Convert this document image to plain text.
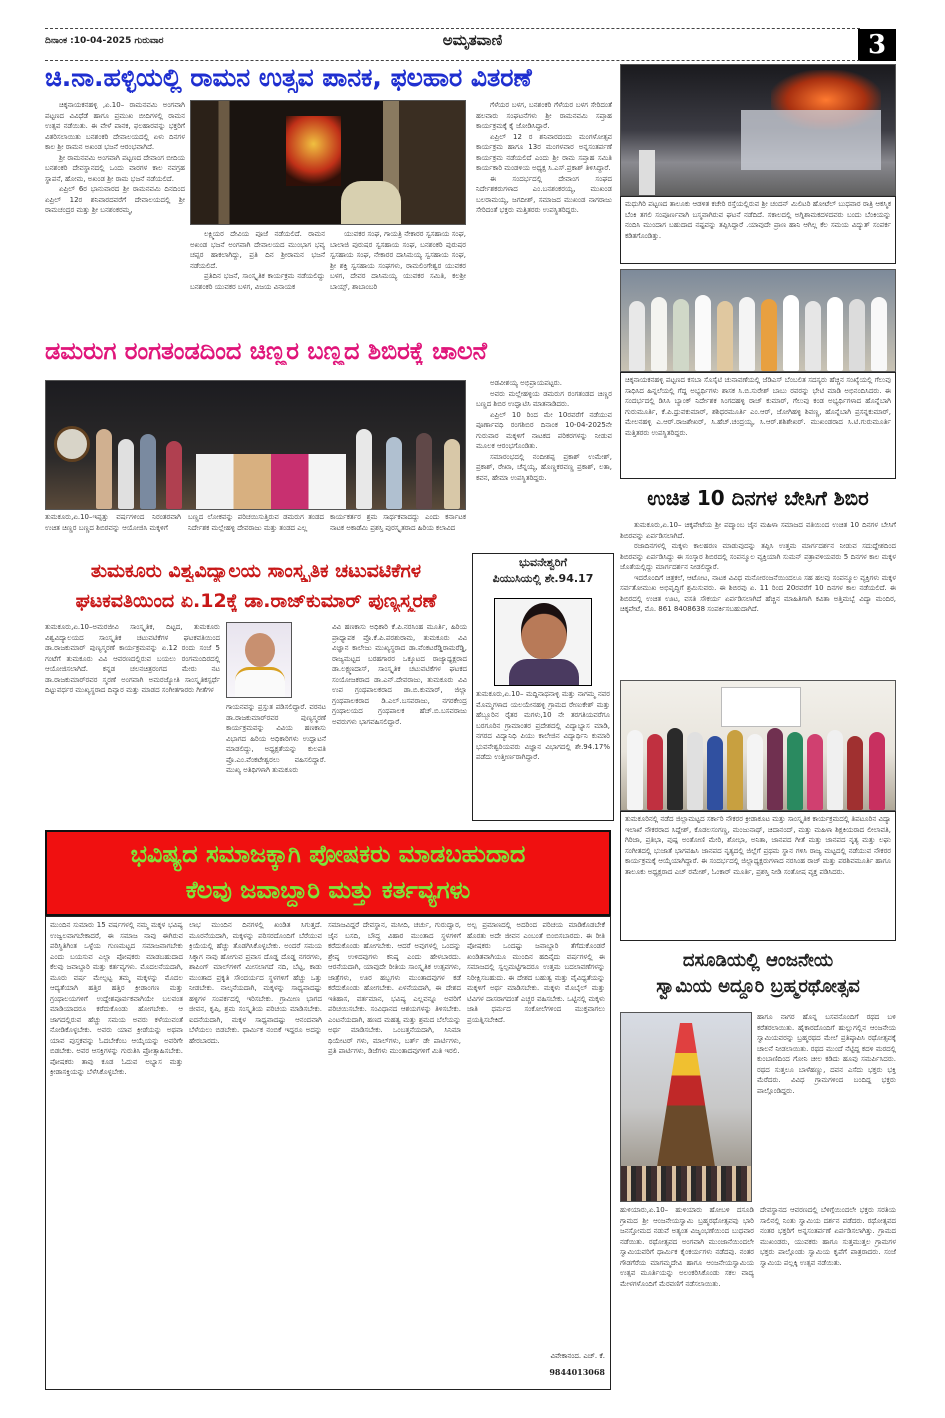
ದಿನಾಂಕ :10-04-2025 ಗುರುವಾರ	ಅಮೃತವಾಣಿ	3
ಚಿ.ನಾ.ಹಳ್ಳಿಯಲ್ಲಿ ರಾಮನ ಉತ್ಸವ ಪಾನಕ, ಫಲಹಾರ ವಿತರಣೆ

ಚಿಕ್ಕನಾಯಕನಹಳ್ಳಿ ,ಏ.10– ರಾಮನವಮಿ ಅಂಗವಾಗಿ ಪಟ್ಟಣದ ವಿವಿಧೆಡೆ ಹಾಗೂ ಪ್ರಮುಖ ಬೀದಿಗಳಲ್ಲಿ ರಾಮನ ಉತ್ಸವ ನಡೆಯಿತು. ಈ ವೇಳೆ ಪಾನಕ, ಫಲಹಾರವನ್ನು ಭಕ್ತರಿಗೆ ವಿತರಿಸಲಾಯಿತು ಬನಶಂಕರಿ ದೇವಾಲಯದಲ್ಲಿ ಏಳು ದಿನಗಳ ಕಾಲ ಶ್ರೀ ರಾಮನ ಅಖಂಡ ಭಜನೆ ಆರಂಭವಾಗಿದೆ.

ಶ್ರೀ ರಾಮನವಮಿ ಅಂಗವಾಗಿ ಪಟ್ಟಣದ ದೇವಾಂಗ ಬೀದಿಯ ಬನಶಂಕರಿ ದೇವಸ್ಥಾನದಲ್ಲಿ ಒಂದು ವಾರಗಳ ಕಾಲ ನವಗ್ರಹ ಸ್ಥಾಪನೆ, ಹೋಮ, ಅಖಂಡ ಶ್ರೀ ರಾಮ ಭಜನೆ ನಡೆಯಲಿದೆ.

ಏಪ್ರಿಲ್ 6ರ ಭಾನುವಾರದ ಶ್ರೀ ರಾಮನವಮಿ ದಿನದಿಂದ ಏಪ್ರಿಲ್ 12ರ ಶನಿವಾರದವರೆಗೆ ದೇವಾಲಯದಲ್ಲಿ ಶ್ರೀ ರಾಮಚಂದ್ರರ ಮತ್ತು ಶ್ರೀ ಬನಶಂಕರಮ್ಮ,

ಲಕ್ಷ್ಮಿಯರ ದೇವಿಯ ಪೂಜೆ ನಡೆಯಲಿದೆ. ರಾಮನ ಅಖಂಡ ಭಜನೆ ಅಂಗವಾಗಿ ದೇವಾಲಯದ ಮುಂಭಾಗ ಭವ್ಯ ಚಪ್ಪರ ಹಾಕಲಾಗಿದ್ದು, ಪ್ರತಿ ದಿನ ಶ್ರೀರಾಮನ ಭಜನೆ ನಡೆಯಲಿದೆ.

ಪ್ರತಿದಿನ ಭಜನೆ, ಸಾಂಸ್ಕೃತಿಕ ಕಾರ್ಯಕ್ರಮ ನಡೆಯಲಿದ್ದು ಬನಶಂಕರಿ ಯುವಕರ ಬಳಗ, ವಿಜಯ ವಿನಾಯಕ

ಯುವಕರ ಸಂಘ, ಗಾಯತ್ರಿ ನೇಕಾರರ ಸ್ವಸಹಾಯ ಸಂಘ, ಬಾಲಾಜಿ ಪುರುಷರ ಸ್ವಸಹಾಯ ಸಂಘ, ಬನಶಂಕರಿ ಪುರುಷರ ಸ್ವಸಹಾಯ ಸಂಘ, ನೇಕಾರರ ದಾಸಿಮಯ್ಯ ಸ್ವಸಹಾಯ ಸಂಘ, ಶ್ರೀ ಶಕ್ತಿ ಸ್ವಸಹಾಯ ಸಂಘಗಳು, ರಾಮಲಿಂಗೇಶ್ವರ ಯುವಕರ ಬಳಗ, ದೇವರ ದಾಸಿಮಯ್ಯ ಯುವಕರ ಸಮಿತಿ, ಕಲಶ್ರೀ ಬಾಯ್ಸ್, ಶಾಬಾಂಬರಿ

ಗೆಳೆಯರ ಬಳಗ, ಬನಶಂಕರಿ ಗೆಳೆಯರ ಬಳಗ ಸೇರಿದಂತೆ ಹಲವಾರು ಸಂಘಟನೆಗಳು ಶ್ರೀ ರಾಮನವಮಿ ಸಪ್ತಾಹ ಕಾರ್ಯಕ್ರಮಕ್ಕೆ ಕೈ ಜೋಡಿಸಿದ್ದಾರೆ.

ಏಪ್ರಿಲ್ 12 ರ ಶನಿವಾರದಂದು ಮಂಗಳೋತ್ಸವ ಕಾರ್ಯಕ್ರಮ ಹಾಗೂ 13ರ ಮಂಗಳವಾರ ಅನ್ನಸಂತರ್ಪಣೆ ಕಾರ್ಯಕ್ರಮ ನಡೆಯಲಿದೆ ಎಂದು ಶ್ರೀ ರಾಮ ಸಪ್ತಾಹ ಸಮಿತಿ ಕಾರ್ಯಕಾರಿ ಮಂಡಳಿಯ ಅಧ್ಯಕ್ಷ ಸಿ.ಎಸ್.ಪ್ರಕಾಶ್ ತಿಳಿಸಿದ್ದಾರೆ.

ಈ ಸಂದರ್ಭದಲ್ಲಿ ದೇವಾಂಗ ಸಂಘದ ನಿರ್ದೇಶಕರುಗಳಾದ ಎಂ.ಬನಶಂಕರಯ್ಯ, ಮುಖಂಡ ಬಲರಾಮಯ್ಯ, ಜಗದೀಶ್, ಸಮಾಜದ ಮುಖಂಡ ನಾಗರಾಜು ಸೇರಿದಂತೆ ಭಕ್ತರು ಮತ್ತಿತರರು ಉಪಸ್ಥಿತರಿದ್ದರು.

ಮಧುಗಿರಿ ಪಟ್ಟಣದ ತಾಲೂಕು ಆಡಳಿತ ಕಚೇರಿ ರಸ್ತೆಯಲ್ಲಿರುವ ಶ್ರೀ ಚಂದನ್ ಮಿಲಿಟರಿ ಹೋಟೆಲ್ ಬುಧವಾರ ರಾತ್ರಿ ಆಕಸ್ಮಿಕ ಬೆಂಕಿ ತಗಲಿ ಸಂಪೂರ್ಣವಾಗಿ ಬಸ್ಮವಾಗಿರುವ ಘಟನೆ ನಡೆದಿದೆ. ಸಕಾಲದಲ್ಲಿ ಅಗ್ನಿಶಾಮಕದಳದವರು ಬಂದು ಬೆಂಕಿಯನ್ನು ನಂದಿಸಿ ಮುಂದಾಗ ಬಹುದಾದ ನಷ್ಟವನ್ನು ತಪ್ಪಿಸಿದ್ದಾರೆ .ಯಾವುದೇ ಪ್ರಾಣ ಹಾನಿ ಆಗಿಲ್ಲ ಕೆಲ ಸಮಯ ವಿದ್ಯುತ್ ಸಂಪರ್ಕ ಕಡಿತಗೊಂಡಿತ್ತು.
ಚಿಕ್ಕನಾಯಕನಹಳ್ಳಿ ಪಟ್ಟಣದ ಕಸಬಾ ಸೊಸೈಟಿ ಚುನಾವಣೆಯಲ್ಲಿ ಜೆಡಿಎಸ್ ಬೆಂಬಲಿತ ಸದಸ್ಯರು ಹೆಚ್ಚಿನ ಸಂಖ್ಯೆಯಲ್ಲಿ ಗೆಲುವು ಸಾಧಿಸಿದ ಹಿನ್ನಲೆಯಲ್ಲಿ ಗೆದ್ದ ಅಭ್ಯರ್ಥಿಗಳು ಶಾಸಕ ಸಿ.ಬಿ.ಸುರೇಶ್ ಬಾಬು ರವರನ್ನು ಭೇಟಿ ಮಾಡಿ ಅಭಿನಂದಿಸಿದರು. ಈ ಸಂದರ್ಭದಲ್ಲಿ ಡಿಸಿಸಿ ಬ್ಯಾಂಕ್ ನಿರ್ದೇಶಕ ಸಿಂಗದಹಳ್ಳಿ ರಾಜ್ ಕುಮಾರ್, ಗೆಲುವು ಕಂಡ ಅಭ್ಯರ್ಥಿಗಳಾದ ಹೊನ್ನೆಬಾಗಿ ಗುರುಮೂರ್ತಿ, ಕೆ.ಪಿ.ಧ್ರುವಕುಮಾರ್, ಶಶಿಧರಮೂರ್ತಿ ಎಂ.ಆರ್, ಜೋಗಿಹಳ್ಳಿ ಶಿವಣ್ಣ, ಹೊನ್ನೆಬಾಗಿ ಪ್ರಸನ್ನಕುಮಾರ್, ಮೇಲನಹಳ್ಳಿ ಎ.ಆರ್.ರಾಜಶೇಖರ್, ಸಿ.ಹೆಚ್.ಚಂದ್ರಯ್ಯ, ಸಿ.ಆರ್.ಶಶಿಶೇಖರ್. ಮುಖಂಡರಾದ ಸಿ.ಟಿ.ಗುರುಮೂರ್ತಿ ಮತ್ತಿತರರು ಉಪಸ್ಥಿತರಿದ್ದರು.
ಡಮರುಗ ರಂಗತಂಡದಿಂದ ಚಿಣ್ಣರ ಬಣ್ಣದ ಶಿಬಿರಕ್ಕೆ ಚಾಲನೆ
ತುಮಕೂರು,ಏ.10–ಇಪ್ಪತ್ತು ವರ್ಷಗಳಿಂದ ನಿರಂತರವಾಗಿ ಉಚಿತ ಚಿಣ್ಣರ ಬಣ್ಣದ ಶಿಬಿರವನ್ನು ಆಯೋಜಿಸಿ ಮಕ್ಕಳಿಗೆ
ಬಣ್ಣದ ಲೋಕವನ್ನು ಪರಿಚಯಿಸುತ್ತಿರುವ ಡಮರುಗ ತಂಡದ ನಿರ್ದೇಶಕ ಮಲ್ಲೇಹಳ್ಳಿ ದೇವರಾಜು ಮತ್ತು ತಂಡದ ಎಲ್ಲ
ಕಾರ್ಯಕರ್ತರ ಶ್ರಮ ಸಾರ್ಥಕವಾದದ್ದು ಎಂದು ಕರ್ನಾಟಕ ನಾಟಕ ಅಕಾಡೆಮಿ ಪ್ರಶಸ್ತಿ ಪುರಸ್ಕೃತರಾದ ಹಿರಿಯ ಕಲಾವಿದ

ಅಡವೀಶಯ್ಯ ಅಭಿಪ್ರಾಯಪಟ್ಟರು.

ಅವರು ಮಲ್ಲೇಹಳ್ಳಿಯ ಡಮರುಗ ರಂಗತಂಡದ ಚಿಣ್ಣರ ಬಣ್ಣದ ಶಿಬಿರ ಉದ್ಘಾಟಿಸಿ ಮಾತನಾಡಿದರು.

ಏಪ್ರಿಲ್ 10 ರಿಂದ ಮೇ 10ರವರೆಗೆ ನಡೆಯುವ ಪೂರ್ಣಾವಧಿ ರಂಗಶಿಬಿರ ದಿನಾಂಕ 10-04-2025ನೇ ಗುರುವಾರ ಮಕ್ಕಳಿಗೆ ನಾಟಕದ ಪರಿಕರಗಳನ್ನು ನೀಡುವ ಮೂಲಕ ಆರಂಭಗೊಂಡಿತು.

ಸಮಾರಂಭದಲ್ಲಿ ನಂದೀಶಪ್ಪ ಪ್ರಕಾಶ್ ಉಮೇಶ್, ಪ್ರಕಾಶ್, ರೇಖಾ, ಚೆನ್ನಯ್ಯ, ಹೊಣ್ಣಕರವಣ್ಣ ಪ್ರಕಾಶ್, ಲತಾ, ಕವನ, ಹೇಮಾ ಉಪಸ್ಥಿತರಿದ್ದರು.

ಉಚಿತ 10 ದಿನಗಳ ಬೇಸಿಗೆ ಶಿಬಿರ

ತುಮಕೂರು,ಏ.10– ಚಿಕ್ಕಪೇಟೆಯ ಶ್ರೀ ಪದ್ಮಾಂಬ ಜೈನ ಮಹಿಳಾ ಸಮಾಜದ ವತಿಯಿಂದ ಉಚಿತ 10 ದಿನಗಳ ಬೇಸಿಗೆ ಶಿಬಿರವನ್ನು ಏರ್ಪಡಿಸಲಾಗಿದೆ.

ರಜಾದಿನಗಳಲ್ಲಿ ಮಕ್ಕಳು ಕಾಲಹರಣ ಮಾಡುವುದನ್ನು ತಪ್ಪಿಸಿ ಉತ್ತಮ ಮಾರ್ಗದರ್ಶನ ನೀಡುವ ಸದುದ್ದೇಶದಿಂದ ಶಿಬಿರವನ್ನು ಏರ್ಪಡಿಸಿದ್ದು ಈ ಸಂಸ್ಕಾರ ಶಿಬಿರದಲ್ಲಿ ಸಂಪನ್ಮೂಲ ವ್ಯಕ್ತಿಯಾಗಿ ಸುಮನ್ ಪತ್ರಾವಳಿಯವರು 5 ದಿನಗಳ ಕಾಲ ಮಕ್ಕಳ ಜೊತೆಯಲ್ಲಿದ್ದು ಮಾರ್ಗದರ್ಶನ ನೀಡಲಿದ್ದಾರೆ.

ಇದರೊಂದಿಗೆ ಚಿತ್ರಕಲೆ, ಆಟೋಟ, ನಾಟಕ ವಿವಿಧ ಮನೋರಂಜನೆಯಿಂದಲೂ ಸಹ ಹಲವು ಸಂಪನ್ಮೂಲ ವ್ಯಕ್ತಿಗಳು ಮಕ್ಕಳ ಸರ್ವತೋಮುಖ ಅಭಿವೃದ್ಧಿಗೆ ಶ್ರಮಿಸುವರು. ಈ ಶಿಬಿರವು ಏ. 11 ರಿಂದ 20ರವರೆಗೆ 10 ದಿನಗಳ ಕಾಲ ನಡೆಯಲಿದೆ. ಈ ಶಿಬಿರದಲ್ಲಿ ಉಚಿತ ಊಟ, ವಸತಿ ಸೌಕರ್ಯ ಏರ್ಪಡಿಸಲಾಗಿದೆ ಹೆಚ್ಚಿನ ಮಾಹಿತಿಗಾಗಿ ಕವಿತಾ ಅತ್ತಿಮಬ್ಬೆ ವಿದ್ಯಾ ಮಂದಿರ, ಚಿಕ್ಕಪೇಟೆ, ಮೊ. 861 8408638 ಸಂಪರ್ಕಿಸಬಹುದಾಗಿದೆ.

ತುಮಕೂರು ವಿಶ್ವವಿದ್ಯಾಲಯ ಸಾಂಸ್ಕೃತಿಕ ಚಟುವಟಿಕೆಗಳ
ಘಟಕವತಿಯಿಂದ ಏ.12ಕ್ಕೆ ಡಾ.ರಾಜ್‌ಕುಮಾರ್ ಪುಣ್ಯಸ್ಮರಣೆ
ತುಮಕೂರು,ಏ.10–ಅಮರಜೀವಿ ಸಾಂಸ್ಕೃತಿಕ, ದಿಟ್ಟದ, ತುಮಕೂರು ವಿಶ್ವವಿದ್ಯಾಲಯದ ಸಾಂಸ್ಕೃತಿಕ ಚಟುವಟಿಕೆಗಳ ಘಟಕವತಿಯಿಂದ ಡಾ.ರಾಜಕುಮಾರ್ ಪುಣ್ಯಸ್ಮರಣೆ ಕಾರ್ಯಕ್ರಮವನ್ನು ಏ.12 ರಂದು ಸಂಜೆ 5 ಗಂಟೆಗೆ ತುಮಕೂರು ವಿವಿ ಆವರಣದಲ್ಲಿರುವ ಬಯಲು ರಂಗಮಂದಿರದಲ್ಲಿ ಆಯೋಜಿಸಲಾಗಿದೆ. ಕನ್ನಡ ಚಲನಚಿತ್ರರಂಗದ ಮೇರು ನಟ ಡಾ.ರಾಜಕುಮಾರ್‌ರವರ ಸ್ಮರಣೆ ಅಂಗವಾಗಿ ಅಮರಜ್ಯೋತಿ ಸಾಂಸ್ಕೃತಿಕಸ್ಪರ್ಧೆ ದಿಟ್ಟುವರ್ಧರ ಮುಖ್ಯಸ್ಥರಾದ ದಿವ್ಯಾರ ಮತ್ತು ಮಾಡದ ಸಂಗೀತಗಾರರು ಗೀತೆಗಳ
ಗಾಯನವನ್ನು ಪ್ರಸ್ತುತ ಪಡಿಸಲಿದ್ದಾರೆ. ವರನಟ ಡಾ.ರಾಜಕುಮಾರ್‌ರವರ ಪುಣ್ಯಸ್ಮರಣೆ ಕಾರ್ಯಕ್ರಮವನ್ನು ವಿವಿಯ ಹಣಕಾಸು ವಿಭಾಗದ ಹಿರಿಯ ಅಧಿಕಾರಿಗಳು ಉದ್ಘಾಟನೆ ಮಾಡಲಿದ್ದು, ಅಧ್ಯಕ್ಷತೆಯನ್ನು ಕುಲಪತಿ ಪ್ರೊ.ಎಂ.ವೆಂಕಟೇಶ್ವರಲು ವಹಿಸಲಿದ್ದಾರೆ. ಮುಖ್ಯ ಅತಿಥಿಗಳಾಗಿ ತುಮಕೂರು
ವಿವಿ ಹಣಕಾಸು ಅಧಿಕಾರಿ ಕೆ.ಪಿ.ನರಸಿಂಹ ಮೂರ್ತಿ, ಹಿರಿಯ ಪ್ರಾಧ್ಯಾಪಕ ಪ್ರೊ.ಕೆ.ಪಿ.ಪರಶುರಾಮ, ತುಮಕೂರು ವಿವಿ ವಿಜ್ಞಾನ ಕಾಲೇಜು ಮುಖ್ಯಸ್ಥರಾದ ಡಾ.ವೆಂಕಟರೆಡ್ಡಿರಾಮರೆಡ್ಡಿ, ರಾಜ್ಯಮಟ್ಟದ ಬರಹಗಾರರ ಒಕ್ಕೂಟದ ರಾಜ್ಯಾಧ್ಯಕ್ಷರಾದ ಡಾ.ಲಕ್ಷ್ಮಣದಾಸ್, ಸಾಂಸ್ಕೃತಿಕ ಚಟುವಟಿಕೆಗಳ ಘಟಕದ ಸಂಯೋಜಕರಾದ ಡಾ.ಎನ್.ದೇವರಾಜು, ತುಮಕೂರು ವಿವಿ ಉಪ ಗ್ರಂಥಪಾಲಕರಾದ ಡಾ.ಬಿ.ಕುಮಾರ್, ಜಿಲ್ಲಾ ಗ್ರಂಥಪಾಲಕರಾದ ಡಿ.ಎಲ್.ಬಸವರಾಜು, ನಗರಕೇಂದ್ರ ಗ್ರಂಥಾಲಯದ ಗ್ರಂಥಪಾಲಕ ಹೆಚ್.ಬಿ.ಬಸವರಾಜು ಅವರುಗಳು ಭಾಗವಹಿಸಲಿದ್ದಾರೆ.
ಭುವನೇಶ್ವರಿಗೆ
ಪಿಯುಸಿಯಲ್ಲಿ ಶೇ.94.17
ತುಮಕೂರು,ಏ.10– ಮದ್ದಿನಾಥನಾಳ್ಳಿ ಮತ್ತು ನಾಗಮ್ಮ ನವರ ಮೊಮ್ಮಗಳಾದ ಯಲಯೇನಹಳ್ಳಿ ಗ್ರಾಮದ ರೇಣುಕೇಶ್ ಮತ್ತು ಹೆಬ್ಬೂರಿನ ರೈತರ ಮಗಳು,10 ನೇ ತರಗತಿಯವರೆಗೂ ಬರಗೂರಿನ ಗ್ರಾಮಾಂತರ ಪ್ರದೇಶದಲ್ಲಿ ವಿದ್ಯಾಭ್ಯಾಸ ಮಾಡಿ, ನಗರದ ವಿದ್ಯಾನಿಧಿ ಪಿಯು ಕಾಲೇಜಿನ ವಿದ್ಯಾರ್ಥಿನಿ ಕುಮಾರಿ ಭುವನೇಶ್ವರಿಯವರು ವಿಜ್ಞಾನ ವಿಭಾಗದಲ್ಲಿ ಶೇ.94.17% ಪಡೆದು ಉತ್ತೀರ್ಣರಾಗಿದ್ದಾರೆ.
ತುಮಕೂರಿನಲ್ಲಿ ನಡೆದ ಜಿಲ್ಲಾಮಟ್ಟದ ಸರ್ಕಾರಿ ನೌಕರರ ಕ್ರೀಡಾಕೂಟ ಮತ್ತು ಸಾಂಸ್ಕೃತಿಕ ಕಾರ್ಯಕ್ರಮದಲ್ಲಿ ತಿಪಟೂರಿನ ವಿದ್ಯಾ ಇಲಾಖೆ ನೌಕರರಾದ ಸಿದ್ದೇಶ್, ಕೊಡಲಸಂಗಣ್ಣ, ಮಂಜುನಾಥ್, ಚಿದಾನಂದ್, ಮತ್ತು ಮಹಿಳಾ ಶಿಕ್ಷಕಿಯರಾದ ಲೀಲಾವತಿ, ಗಿರಿಜಾ, ಪ್ರತಿಭಾ, ಪುಷ್ಪ ಅಂತೋಣಿ ಮೇರಿ, ಶೋಭಾ, ಅನಿತಾ, ಜಾನಪದ ಗೀತೆ ಮತ್ತು ಜಾನಪದ ನೃತ್ಯ ಮತ್ತು ಲಘು ಸಂಗೀತದಲ್ಲಿ ಭುಜಾತೆ ಭಾಗವಹಿಸಿ ಜಾನಪದ ನೃತ್ಯದಲ್ಲಿ ಜಿಲ್ಲೆಗೆ ಪ್ರಥಮ ಸ್ಥಾನ ಗಳಿಸಿ ರಾಜ್ಯ ಮಟ್ಟದಲ್ಲಿ ನಡೆಯುವ ನೌಕರರ ಕಾರ್ಯಕ್ರಮಕ್ಕೆ ಆಯ್ಕೆಯಾಗಿದ್ದಾರೆ. ಈ ಸಂದರ್ಭದಲ್ಲಿ ಜಿಲ್ಲಾಧ್ಯಕ್ಷರುಗಳಾದ ನರಸಿಂಹ ರಾಜ್ ಮತ್ತು ಪರಶಿವಮೂರ್ತಿ ಹಾಗೂ ತಾಲೂಕು ಅಧ್ಯಕ್ಷರಾದ ಎಚ್ ರಮೇಶ್, ಓಂಕಾರ್ ಮೂರ್ತಿ, ಪ್ರಶಸ್ತಿ ನೀಡಿ ಸಂತೋಷ ವ್ಯಕ್ತ ಪಡಿಸಿದರು.
ಭವಿಷ್ಯದ ಸಮಾಜಕ್ಕಾಗಿ ಪೋಷಕರು ಮಾಡಬಹುದಾದ
ಕೆಲವು ಜವಾಬ್ದಾರಿ ಮತ್ತು ಕರ್ತವ್ಯಗಳು
ಮುಂದಿನ ಸುಮಾರು 15 ವರ್ಷಗಳಲ್ಲಿ ನಮ್ಮ ಮಕ್ಕಳ ಭವಿಷ್ಯ ಉಜ್ವಲವಾಗಬೇಕಾದರೆ, ಈ ಸಮಾಜ ನಾವು ಈಗಿರುವ ಪರಿಸ್ಥಿತಿಗಿಂತ ಒಳ್ಳೆಯ ಗುಣಮಟ್ಟದ ಸಮಾಜವಾಗಬೇಕು ಎಂದು ಬಯಸುವ ಎಲ್ಲಾ ಪೋಷಕರು ಮಾಡಬಹುದಾದ ಕೆಲವು ಜವಾಬ್ದಾರಿ ಮತ್ತು ಕರ್ತವ್ಯಗಳು. ಮೊದಲನೆಯದಾಗಿ, ಮೂರು ವರ್ಷ ಮೇಲ್ಪಟ್ಟ ತಮ್ಮ ಮಕ್ಕಳನ್ನು ಮೊದಲ ಆದ್ಯತೆಯಾಗಿ ಹತ್ತಿರ ಹತ್ತಿರ ಕ್ರೀಡಾಂಗಣ ಮತ್ತು ಗ್ರಂಥಾಲಯಗಳಿಗೆ ಉದ್ದೇಶಪೂರ್ವಕವಾಗಿಯೇ ಬಲವಂತ ಮಾಡಿಯಾದರೂ ಕರೆದುಕೊಂಡು ಹೋಗಬೇಕು. ಆ ಜಾಗದಲ್ಲಿರುವ ಹೆಚ್ಚು ಸಮಯ ಅವರು ಕಳೆಯುವಂತೆ ನೋಡಿಕೊಳ್ಳಬೇಕು. ಅವರು ಯಾವ ಕ್ರೀಡೆಯನ್ನು ಅಥವಾ ಯಾವ ಪುಸ್ತಕವನ್ನು ಓದಬೇಕೆಂಬ ಆಯ್ಕೆಯನ್ನು ಅವರಿಗೇ ಬಿಡಬೇಕು. ಅವರ ಆಸಕ್ತಿಗಳನ್ನು ಗುರುತಿಸಿ ಪ್ರೋತ್ಸಾಹಿಸಬೇಕು. ಪೋಷಕರು ತಾವು ಕೂಡ ಓದುವ ಅಭ್ಯಾಸ ಮತ್ತು ಕ್ರೀಡಾಸಕ್ತಿಯನ್ನು ಬೆಳೆಸಿಕೊಳ್ಳಬೇಕು.
ಲಾಭ ಮುಂದಿನ ದಿನಗಳಲ್ಲಿ ಖಂಡಿತ ಸಿಗುತ್ತದೆ. ಮೂರನೆಯದಾಗಿ, ಮಕ್ಕಳನ್ನು ಪರಿಸರದೊಂದಿಗೆ ಬೆರೆಯುವ ಕ್ರಿಯೆಯಲ್ಲಿ ಹೆಚ್ಚು ತೊಡಗಿಸಿಕೊಳ್ಳಬೇಕು. ಅಂದರೆ ಸಮಯ ಸಿಕ್ಕಾಗ ನಾವು ಹೋಗುವ ಪ್ರವಾಸ ದೊಡ್ಡ ದೊಡ್ಡ ನಗರಗಳು, ಶಾಪಿಂಗ್ ಮಾಲ್‌ಗಳಿಗೆ ಮೀಸಲಾಗದೆ ನದಿ, ಬೆಟ್ಟ, ಕಾಡು ಮುಂತಾದ ಪ್ರಕೃತಿ ಸೌಂದರ್ಯದ ಸ್ಥಳಗಳಿಗೆ ಹೆಚ್ಚು ಒತ್ತು ನೀಡಬೇಕು. ನಾಲ್ಕನೆಯದಾಗಿ, ಮಕ್ಕಳನ್ನು ಸಾಧ್ಯವಾದಷ್ಟು ಹಳ್ಳಿಗಳ ಸಂಪರ್ಕದಲ್ಲಿ ಇರಿಸಬೇಕು. ಗ್ರಾಮೀಣ ಭಾಗದ ಜೀವನ, ಕೃಷಿ, ಶ್ರಮ ಸಂಸ್ಕೃತಿಯ ಪರಿಚಯ ಮಾಡಿಸಬೇಕು. ಐದನೆಯದಾಗಿ, ಮಕ್ಕಳ ಸಾಧ್ಯವಾದಷ್ಟು ಆನಂದವಾಗಿ ಬೆಳೆಯಲು ಬಿಡಬೇಕು. ಧಾರ್ಮಿಕ ನಂಬಿಕೆ ಇದ್ದರೂ ಅದನ್ನು ಹೇರಬಾರದು.
ಸಮಾಜವಿದ್ದರೆ ದೇವಸ್ಥಾನ, ಮಸೀದಿ, ಚರ್ಚು, ಗುರುದ್ವಾರ, ಜೈನ ಬಸದಿ, ಬೌದ್ಧ ವಿಹಾರ ಮುಂತಾದ ಸ್ಥಳಗಳಿಗೆ ಕರೆದುಕೊಂಡು ಹೋಗಬೇಕು. ಆದರೆ ಅವುಗಳಲ್ಲಿ ಒಂದನ್ನು ಶ್ರೇಷ್ಠ ಉಳಿದವುಗಳು ಕನಿಷ್ಠ ಎಂದು ಹೇಳಬಾರದು. ಆರನೆಯದಾಗಿ, ಯಾವುದೇ ರೀತಿಯ ಸಾಂಸ್ಕೃತಿಕ ಉತ್ಸವಗಳು, ಜಾತ್ರೆಗಳು, ಊರ ಹಬ್ಬಗಳು ಮುಂತಾದವುಗಳ ಕಡೆ ಕರೆದುಕೊಂಡು ಹೋಗಬೇಕು. ಏಳನೆಯದಾಗಿ, ಈ ದೇಶದ ಇತಿಹಾಸ, ವರ್ತಮಾನ, ಭವಿಷ್ಯ ಎಲ್ಲವನ್ನೂ ಅವರಿಗೆ ಪರಿಚಯಿಸಬೇಕು. ಸಂವಿಧಾನದ ಆಶಯಗಳನ್ನು ತಿಳಿಸಬೇಕು. ಎಂಟನೆಯದಾಗಿ, ಹಣದ ಮಹತ್ವ ಮತ್ತು ಶ್ರಮದ ಬೆಲೆಯನ್ನು ಅರ್ಥ ಮಾಡಿಸಬೇಕು. ಒಂಬತ್ತನೆಯದಾಗಿ, ಸಿನಿಮಾ ಥಿಯೇಟರ್ ಗಳು, ಮಾಲ್‌ಗಳು, ಬರ್ತ್ ಡೇ ಪಾರ್ಟಿಗಳು, ಪ್ರತಿ ಪಾರ್ಟಿಗಳು, ಡಿಜೆಗಳು ಮುಂತಾದವುಗಳಿಗೆ ಮಿತಿ ಇರಲಿ.
ಅಲ್ಪ ಪ್ರಮಾಣದಲ್ಲಿ ಅದರಿಂದ ಪರಿಚಯ ಮಾಡಿಕೊಡಬೇಕೆ ಹೊರತು ಅದೇ ಜೀವನ ಎಂಬಂತೆ ಬಿಂಬಿಸಬಾರದು. ಈ ರೀತಿ ಪೋಷಕರು ಒಂದಷ್ಟು ಜವಾಬ್ದಾರಿ ತೆಗೆದುಕೊಂಡರೆ ಖಂಡಿತವಾಗಿಯೂ ಮುಂದಿನ ಹದಿನೈದು ವರ್ಷಗಳಲ್ಲಿ ಈ ಸಮಾಜದಲ್ಲಿ ಸ್ವಲ್ಪಮಟ್ಟಿಗಾದರೂ ಉತ್ತಮ ಬದಲಾವಣೆಗಳನ್ನು ನಿರೀಕ್ಷಿಸಬಹುದು. ಈ ದೇಶದ ಬಹುತ್ವ ಮತ್ತು ವೈವಿಧ್ಯತೆಯನ್ನು ಮಕ್ಕಳಿಗೆ ಅರ್ಥ ಮಾಡಿಸಬೇಕು. ಮಕ್ಕಳು ಮೊಬೈಲ್ ಮತ್ತು ಟಿವಿಗಳ ದಾಸರಾಗದಂತೆ ಎಚ್ಚರ ವಹಿಸಬೇಕು. ಒಟ್ಟಿನಲ್ಲಿ ಮಕ್ಕಳು ಜಾತಿ ಧರ್ಮದ ಸಂಕೋಲೆಗಳಿಂದ ಮುಕ್ತವಾಗಲು ಪ್ರಯತ್ನಿಸಬೇಕಿದೆ.
ವಿವೇಕಾನಂದ. ಎಚ್. ಕೆ.
9844013068
ದಸೂಡಿಯಲ್ಲಿ ಆಂಜನೇಯ
ಸ್ವಾಮಿಯ ಅದ್ದೂರಿ ಬ್ರಹ್ಮರಥೋತ್ಸವ
ಹಾಗೂ ನಾಗರ ಹೊನ್ನ ಬಸವನೊಂದಿಗೆ ರಥದ ಬಳಿ ಕರೆತರಲಾಯಿತು. ಹೈಕಾರದೊಂದಿಗೆ ಹುಲ್ಲುಗಲ್ಲಿನ ಆಂಜನೇಯ ಸ್ವಾಮಿಯವರನ್ನು ಬ್ರಹ್ಮರಥದ ಮೇಲೆ ಪ್ರತಿಷ್ಠಾಪಿಸಿ ರಥೋತ್ಸವಕ್ಕೆ ಚಾಲನೆ ನೀಡಲಾಯಿತು. ರಥದ ಮುಂದೆ ನೆಟ್ಟಿದ್ದ ಕದಳಿ ಮರದಲ್ಲಿ ಕುಂಬಾಣಿದಿಂದ ಗೋನಿ ಚೀಲ ಕಡಿದು ಹೂವು ಸಮರ್ಪಿಸಿದರು. ರಥದ ಸುತ್ತಲೂ ಬಾಳೆಹಣ್ಣು, ದವನ ಎಸೆದು ಭಕ್ತರು ಭಕ್ತಿ ಮೆರೆದರು. ವಿವಿಧ ಗ್ರಾಮಗಳಿಂದ ಬಂದಿದ್ದ ಭಕ್ತರು ಪಾಲ್ಗೊಂಡಿದ್ದರು.
ಹುಳಿಯಾರು,ಏ.10– ಹುಳಿಯಾರು ಹೋಬಳಿ ದಸೂಡಿ ಗ್ರಾಮದ ಶ್ರೀ ಆಂಜನೇಯಸ್ವಾಮಿ ಬ್ರಹ್ಮರಥೋತ್ಸವವು ಭಾರಿ ಜನಸ್ತೋಮದ ನಡುವೆ ಅತ್ಯಂತ ವಿಜೃಂಭಣೆಯಿಂದ ಬುಧವಾರ ನಡೆಯಿತು. ರಥೋತ್ಸವದ ಅಂಗವಾಗಿ ಮುಂಜಾನೆಯಿಂದಲೇ ಸ್ವಾಮಿಯವರಿಗೆ ಧಾರ್ಮಿಕ ಕೈಂಕರ್ಯಗಳು ನಡೆದವು. ನಂತರ ಗೌಡಗೆರೆಯ ಮಾಗಮ್ಮದೇವಿ ಹಾಗೂ ಆಂಜನೇಯಸ್ವಾಮಿಯ ಉತ್ಸವ ಮೂರ್ತಿಯನ್ನು ಅಲಂಕರಿಸಿಕೊಂಡು ಸಕಲ ವಾದ್ಯ ಮೇಳಗಳೊಂದಿಗೆ ಮೆರವಣಿಗೆ ನಡೆಸಲಾಯಿತು.
ದೇವಸ್ಥಾನದ ಆವರಣದಲ್ಲಿ ಬೆಳಿಗ್ಗೆಯಿಂದಲೇ ಭಕ್ತರು ಸರತಿಯ ಸಾಲಿನಲ್ಲಿ ನಿಂತು ಸ್ವಾಮಿಯ ದರ್ಶನ ಪಡೆದರು. ರಥೋತ್ಸವದ ನಂತರ ಭಕ್ತರಿಗೆ ಅನ್ನಸಂತರ್ಪಣೆ ಏರ್ಪಡಿಸಲಾಗಿತ್ತು. ಗ್ರಾಮದ ಮುಖಂಡರು, ಯುವಕರು ಹಾಗೂ ಸುತ್ತಮುತ್ತಲ ಗ್ರಾಮಗಳ ಭಕ್ತರು ಪಾಲ್ಗೊಂಡು ಸ್ವಾಮಿಯ ಕೃಪೆಗೆ ಪಾತ್ರರಾದರು. ಸಂಜೆ ಸ್ವಾಮಿಯ ಪಲ್ಲಕ್ಕಿ ಉತ್ಸವ ನಡೆಯಿತು.
